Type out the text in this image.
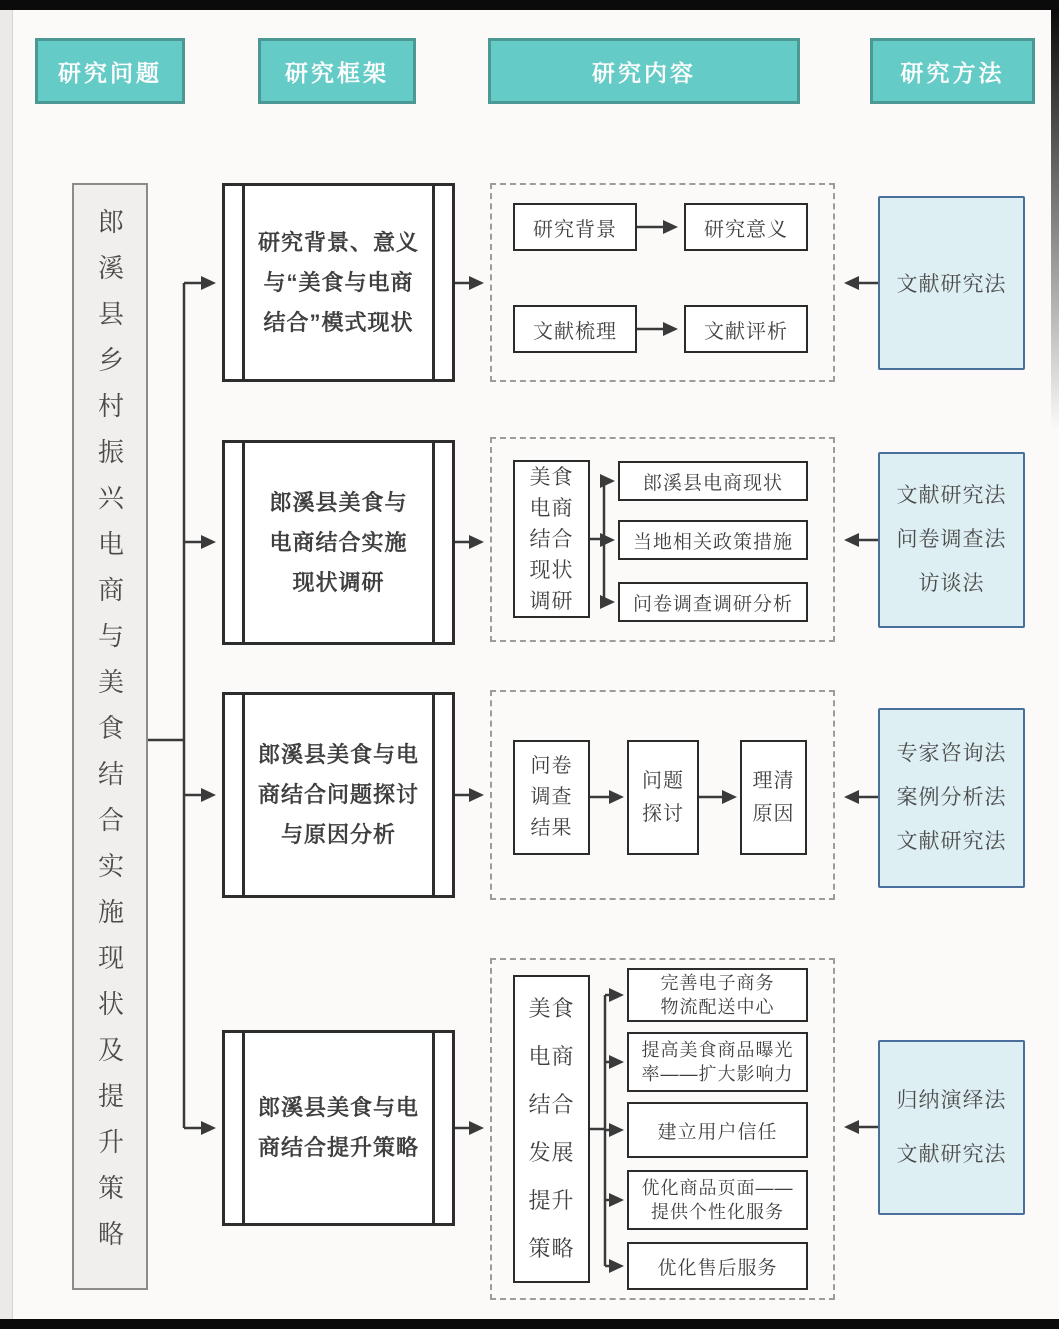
研究问题	研究框架	研究内容	研究方法
郎溪县乡村振兴电商与美食结合实施现状及提升策略	研究背景、意义
与“美食与电商
结合”模式现状
郎溪县美食与
电商结合实施
现状调研
郎溪县美食与电
商结合问题探讨
与原因分析
郎溪县美食与电
商结合提升策略
研究背景	研究意义
文献梳理	文献评析
美食
电商
结合
现状
调研
郎溪县电商现状
当地相关政策措施
问卷调查调研分析
问卷
调查
结果
问题
探讨
理清
原因
美食
电商
结合
发展
提升
策略
完善电子商务
物流配送中心
提高美食商品曝光
率——扩大影响力
建立用户信任
优化商品页面——
提供个性化服务
优化售后服务
文献研究法
文献研究法
问卷调查法
访谈法
专家咨询法
案例分析法
文献研究法
归纳演绎法
文献研究法
